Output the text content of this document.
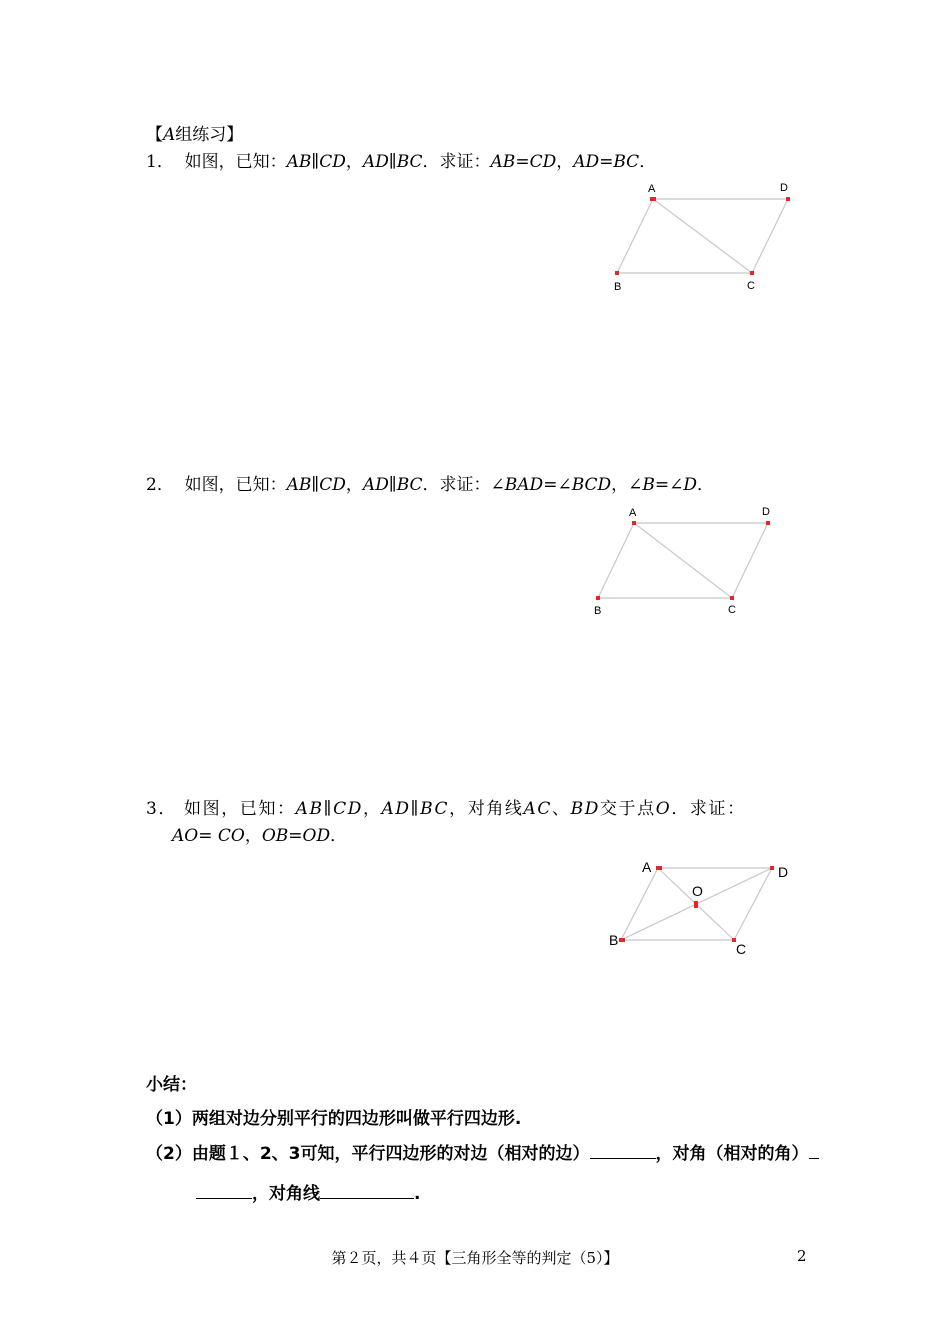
【A组练习】
1． 如图，已知：AB∥CD，AD∥BC．求证：AB=CD，AD=BC．
A	D
B	C
2． 如图，已知：AB∥CD，AD∥BC．求证：∠BAD=∠BCD，∠B=∠D．
A	D
B	C
3． 如图，已知：AB∥CD，AD∥BC，对角线AC、BD交于点O．求证：
AO= CO，OB=OD．
A	D
B
C
O
小结：
（1）两组对边分别平行的四边形叫做平行四边形.
（2）由题１、2、3可知，平行四边形的对边（相对的边）	，对角（相对的角）
，对角线	.
第２页，共４页【三角形全等的判定（5）】	2
